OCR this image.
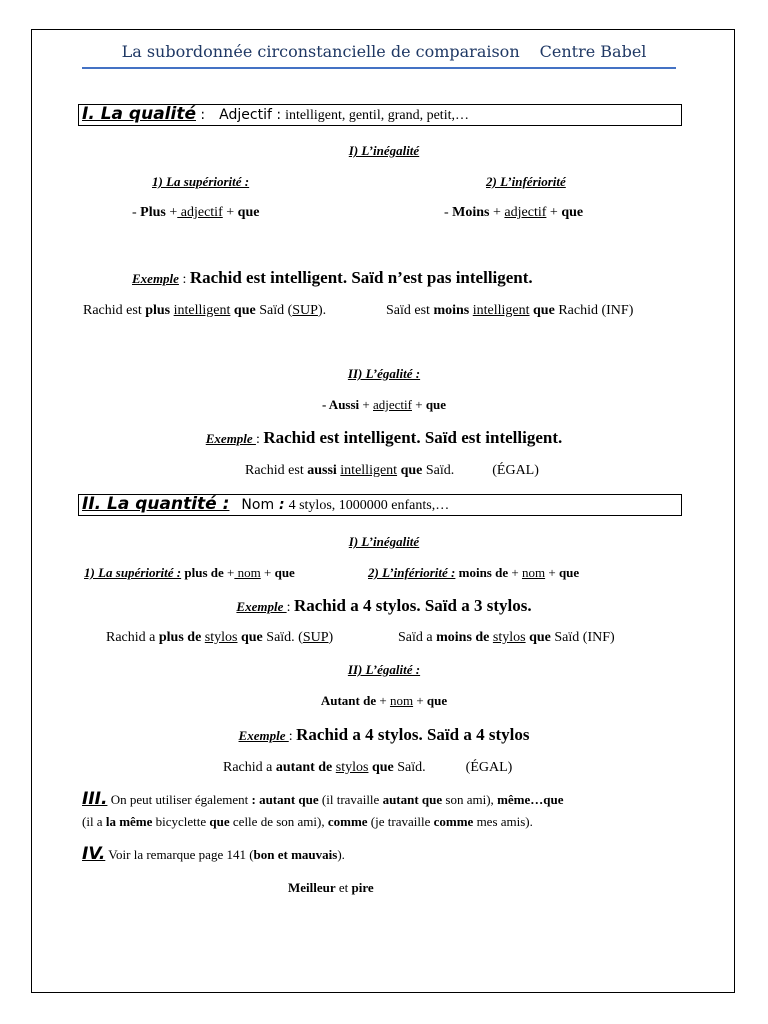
La subordonnée circonstancielle de comparaison Centre Babel
I. La qualité : Adjectif : intelligent, gentil, grand, petit,…
I) L’inégalité
1) La supériorité :	2) L’infériorité
- Plus + adjectif + que	- Moins + adjectif + que
Exemple : Rachid est intelligent. Saïd n’est pas intelligent.
Rachid est plus intelligent que Saïd (SUP).	Saïd est moins intelligent que Rachid (INF)
II) L’égalité :
- Aussi + adjectif + que
Exemple : Rachid est intelligent. Saïd est intelligent.
Rachid est aussi intelligent que Saïd.	(ÉGAL)
II. La quantité : Nom : 4 stylos, 1000000 enfants,…
I) L’inégalité
1) La supériorité : plus de + nom + que	2) L’infériorité : moins de + nom + que
Exemple : Rachid a 4 stylos. Saïd a 3 stylos.
Rachid a plus de stylos que Saïd. (SUP)	Saïd a moins de stylos que Saïd (INF)
II) L’égalité :
Autant de + nom + que
Exemple : Rachid a 4 stylos. Saïd a 4 stylos
Rachid a autant de stylos que Saïd.	(ÉGAL)
III. On peut utiliser également : autant que (il travaille autant que son ami), même…que
(il a la même bicyclette que celle de son ami), comme (je travaille comme mes amis).
IV. Voir la remarque page 141 (bon et mauvais).
Meilleur et pire
